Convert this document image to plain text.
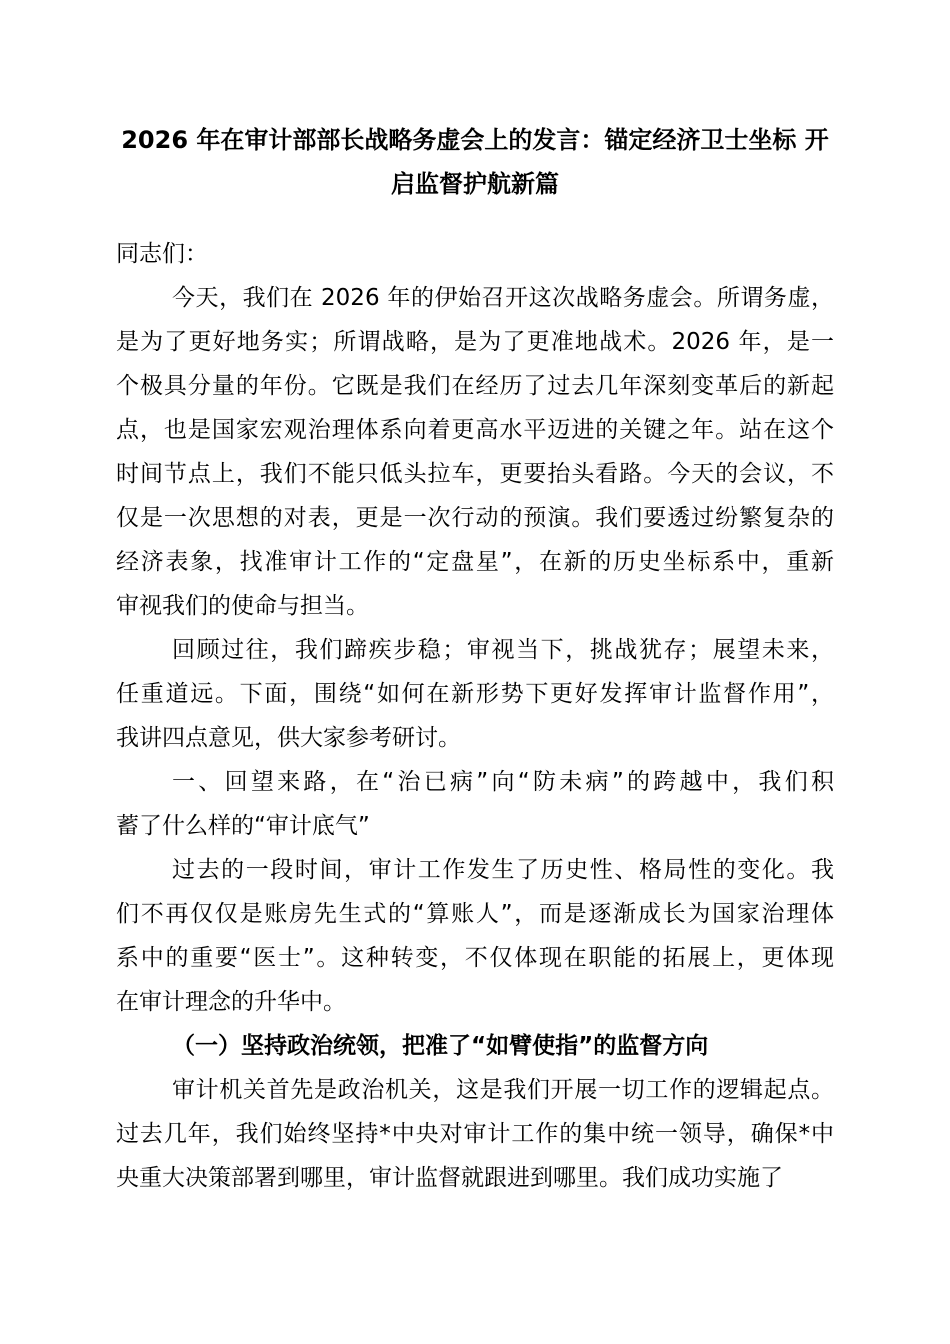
2026 年在审计部部长战略务虚会上的发言：锚定经济卫士坐标 开
启监督护航新篇

同志们：

今天，我们在 2026 年的伊始召开这次战略务虚会。所谓务虚，
是为了更好地务实；所谓战略，是为了更准地战术。2026 年，是一
个极具分量的年份。它既是我们在经历了过去几年深刻变革后的新起
点，也是国家宏观治理体系向着更高水平迈进的关键之年。站在这个
时间节点上，我们不能只低头拉车，更要抬头看路。今天的会议，不
仅是一次思想的对表，更是一次行动的预演。我们要透过纷繁复杂的
经济表象，找准审计工作的“定盘星”，在新的历史坐标系中，重新
审视我们的使命与担当。

回顾过往，我们蹄疾步稳；审视当下，挑战犹存；展望未来，
任重道远。下面，围绕“如何在新形势下更好发挥审计监督作用”，
我讲四点意见，供大家参考研讨。

一、回望来路，在“治已病”向“防未病”的跨越中，我们积
蓄了什么样的“审计底气”

过去的一段时间，审计工作发生了历史性、格局性的变化。我
们不再仅仅是账房先生式的“算账人”，而是逐渐成长为国家治理体
系中的重要“医士”。这种转变，不仅体现在职能的拓展上，更体现
在审计理念的升华中。

（一）坚持政治统领，把准了“如臂使指”的监督方向

审计机关首先是政治机关，这是我们开展一切工作的逻辑起点。
过去几年，我们始终坚持*中央对审计工作的集中统一领导，确保*中
央重大决策部署到哪里，审计监督就跟进到哪里。我们成功实施了
